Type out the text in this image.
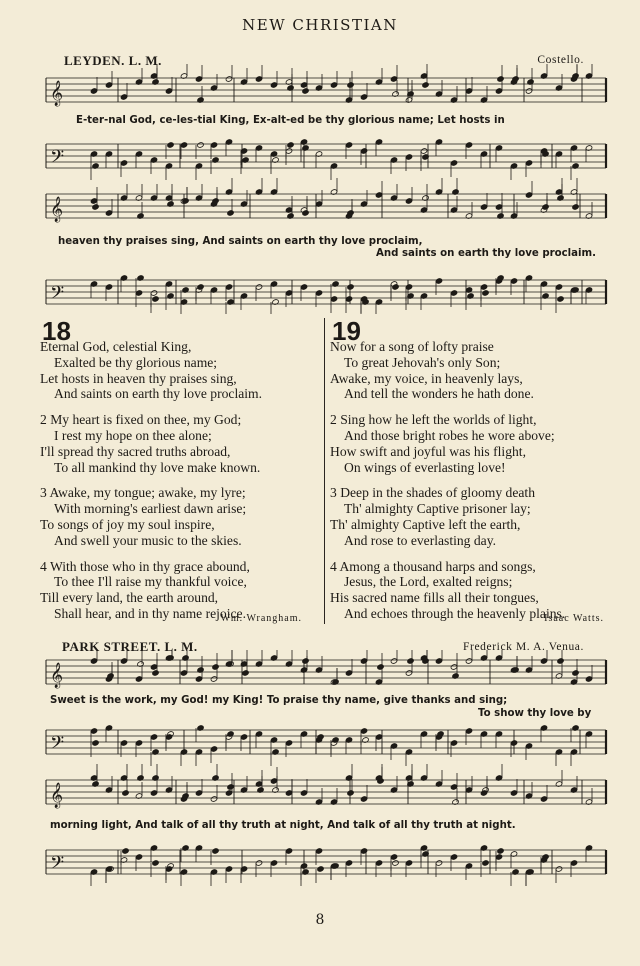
NEW CHRISTIAN
LEYDEN. L. M.	Costello.
𝄞
𝄢
𝄞
𝄢
E-ter-nal God, ce-les-tial King, Ex-alt-ed be thy glorious name; Let hosts in
heaven thy praises sing, And saints on earth thy love proclaim,
And saints on earth thy love proclaim.
18
Eternal God, celestial King,
Exalted be thy glorious name;
Let hosts in heaven thy praises sing,
And saints on earth thy love proclaim.
2 My heart is fixed on thee, my God;
I rest my hope on thee alone;
I'll spread thy sacred truths abroad,
To all mankind thy love make known.
3 Awake, my tongue; awake, my lyre;
With morning's earliest dawn arise;
To songs of joy my soul inspire,
And swell your music to the skies.
4 With those who in thy grace abound,
To thee I'll raise my thankful voice,
Till every land, the earth around,
Shall hear, and in thy name rejoice.
Wm. Wrangham.
19
Now for a song of lofty praise
To great Jehovah's only Son;
Awake, my voice, in heavenly lays,
And tell the wonders he hath done.
2 Sing how he left the worlds of light,
And those bright robes he wore above;
How swift and joyful was his flight,
On wings of everlasting love!
3 Deep in the shades of gloomy death
Th' almighty Captive prisoner lay;
Th' almighty Captive left the earth,
And rose to everlasting day.
4 Among a thousand harps and songs,
Jesus, the Lord, exalted reigns;
His sacred name fills all their tongues,
And echoes through the heavenly plains.
Isaac Watts.
PARK STREET. L. M.	Frederick M. A. Venua.
𝄞
𝄢
𝄞
𝄢
Sweet is the work, my God! my King! To praise thy name, give thanks and sing;
To show thy love by
morning light, And talk of all thy truth at night, And talk of all thy truth at night.
8
